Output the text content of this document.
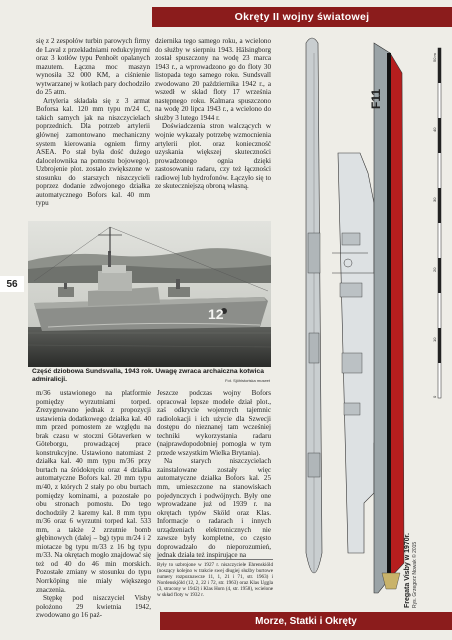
Okręty II wojny światowej
56

się z 2 zespołów turbin parowych firmy de Laval z przekładniami redukcyjnymi oraz 3 kotłów typu Penhoët opalanych mazutem. Łączna moc maszyn wynosiła 32 000 KM, a ciśnienie wytwarzanej w kotłach pary dochodziło do 25 atm.

Artyleria składała się z 3 armat Boforsa kal. 120 mm typu m/24 C, takich samych jak na niszczycielach poprzednich. Dla potrzeb artylerii głównej zamontowano mechaniczny system kierowania ogniem firmy ASEA. Po stał była dość dużego dalocelownika na pomostu bojowego). Uzbrojenie plot. zostało zwiększone w stosunku do starszych niszczycieli poprzez dodanie zdwojonego działka automatycznego Bofors kal. 40 mm typu

dziernika tego samego roku, a wcielono do służby w sierpniu 1943. Hälsingborg został spuszczony na wodę 23 marca 1943 r., a wprowadzono go do floty 30 listopada tego samego roku. Sundsvall zwodowano 20 października 1942 r., a wszedł w skład floty 17 września następnego roku. Kalmara spuszczono na wodę 20 lipca 1943 r., a wcielono do służby 3 lutego 1944 r.

Doświadczenia stron walczących w wojnie wykazały potrzebę wzmocnienia artylerii plot. oraz konieczność uzyskania większej skuteczności prowadzonego ognia dzięki zastosowaniu radaru, czy też łączności radiowej lub hydrofonów. Łączyło się to ze skuteczniejszą obroną własną.

12
Część dziobowa Sundsvalla, 1943 rok. Uwagę zwraca archaiczna kotwica admiralicji.	Fot. Sjöhistoriska museet

m/36 ustawionego na platformie pomiędzy wyrzutniami torped. Zrezygnowano jednak z propozycji ustawienia dodatkowego działka kal. 40 mm przed pomostem ze względu na brak czasu w stoczni Götaverken w Göteborgu, prowadzącej prace konstrukcyjne. Ustawiono natomiast 2 działka kal. 40 mm typu m/36 przy burtach na śródokręciu oraz 4 działka automatyczne Bofors kal. 20 mm typu m/40, z których 2 stały po obu burtach pomiędzy kominami, a pozostałe po obu stronach pomostu. Do tego dochodziły 2 karemy kal. 8 mm typu m/36 oraz 6 wyrzutni torped kal. 533 mm, a także 2 zrzutnie bomb głębinowych (dalej – bg) typu m/24 i 2 miotacze bg typu m/33 z 16 bg typu m/33. Na okrętach mogło znajdować się też od 40 do 46 min morskich. Pozostałe zmiany w stosunku do typu Norrköping nie miały większego znaczenia.

Stępkę pod niszczyciel Visby położono 29 kwietnia 1942, zwodowano go 16 paź-

Jeszcze podczas wojny Bofors opracował lepsze modele dział plot., zaś odkrycie wojennych tajemnic radiolokacji i ich użycie dla Szwecji dostępu do nieznanej tam wcześniej techniki wykorzystania radaru (najprawdopodobniej pomogła w tym przede wszystkim Wielka Brytania).

Na starych niszczycielach zainstalowane zostały więc automatyczne działka Bofors kal. 25 mm, umieszczone na stanowiskach pojedynczych i podwójnych. Były one wprowadzane już od 1939 r. na okrętach typów Sköld oraz Klas. Informacje o radarach i innych urządzeniach elektronicznych nie zawsze były kompletne, co często doprowadzało do nieporozumień, jednak działa też inspirujące na

Były to uzbrojone w 1927 r. niszczyciele Ehrenskiöld (noszący kolejno w trakcie swej długiej służby burtowe numery rozpoznawcze 11, 1, 21 i 71, str. 1963) i Nordenskjöld (12, 2, 22 i 72, str. 1963) oraz Klas Uggla (3, stracony w 1942) i Klas Horn (4, str. 1958), wcielone w skład floty w 1932 r.
F11
50 m
40
30
20
10
0
Fregata Visby w 1970r. Rys. Grzegorz Nowak © 2015
Morze, Statki i Okręty
